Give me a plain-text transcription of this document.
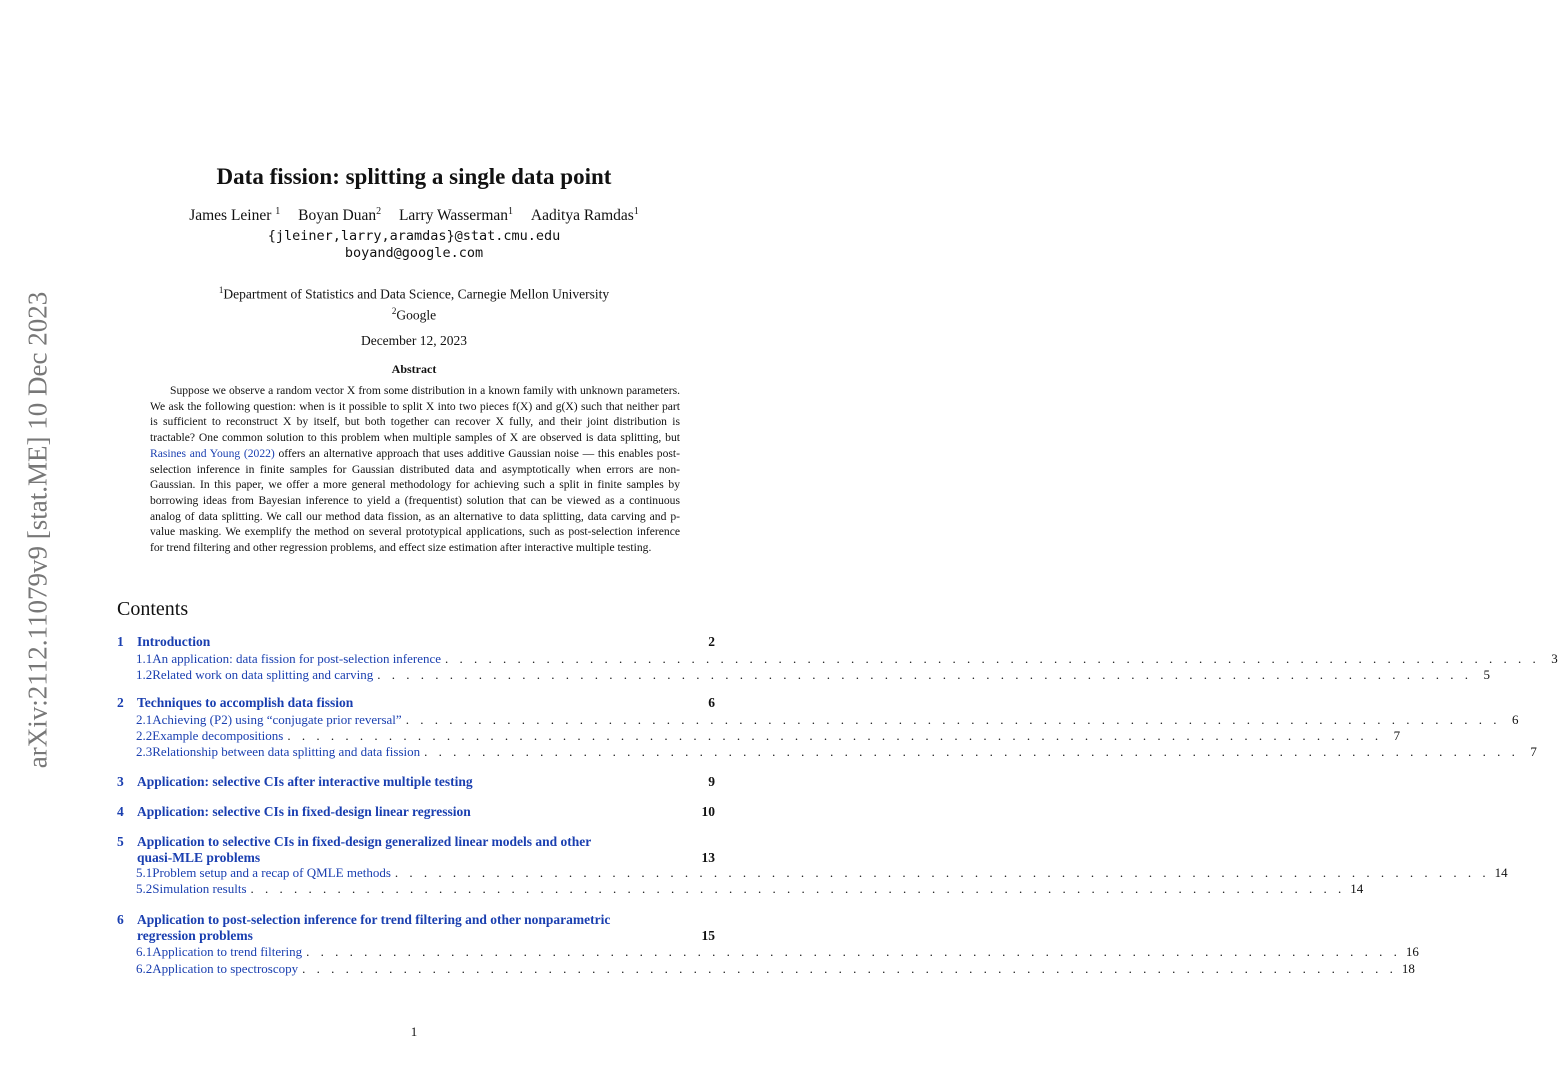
arXiv:2112.11079v9 [stat.ME] 10 Dec 2023
Data fission: splitting a single data point
James Leiner $^1$ Boyan Duan$^2$ Larry Wasserman$^1$ Aaditya Ramdas$^1$
{jleiner,larry,aramdas}@stat.cmu.edu
boyand@google.com
$^1$Department of Statistics and Data Science, Carnegie Mellon University
$^2$Google
December 12, 2023
Abstract
Suppose we observe a random vector X from some distribution in a known family with unknown parameters. We ask the following question: when is it possible to split X into two pieces f(X) and g(X) such that neither part is sufficient to reconstruct X by itself, but both together can recover X fully, and their joint distribution is tractable? One common solution to this problem when multiple samples of X are observed is data splitting, but Rasines and Young (2022) offers an alternative approach that uses additive Gaussian noise — this enables post-selection inference in finite samples for Gaussian distributed data and asymptotically when errors are non-Gaussian. In this paper, we offer a more general methodology for achieving such a split in finite samples by borrowing ideas from Bayesian inference to yield a (frequentist) solution that can be viewed as a continuous analog of data splitting. We call our method data fission, as an alternative to data splitting, data carving and p-value masking. We exemplify the method on several prototypical applications, such as post-selection inference for trend filtering and other regression problems, and effect size estimation after interactive multiple testing.
Contents
1 Introduction	2
1.1 An application: data fission for post-selection inference . . . . . . . . . . . . . . . . . . . . . . . . . . . . . . . . . . . . . . . . . . . . . . . . . . . . . . . . . . . . . . . . . . . . . . . . . . . . 3
1.2 Related work on data splitting and carving . . . . . . . . . . . . . . . . . . . . . . . . . . . . . . . . . . . . . . . . . . . . . . . . . . . . . . . . . . . . . . . . . . . . . . . . . . . . 5
2 Techniques to accomplish data fission	6
2.1 Achieving (P2) using “conjugate prior reversal” . . . . . . . . . . . . . . . . . . . . . . . . . . . . . . . . . . . . . . . . . . . . . . . . . . . . . . . . . . . . . . . . . . . . . . . . . . . . 6
2.2 Example decompositions . . . . . . . . . . . . . . . . . . . . . . . . . . . . . . . . . . . . . . . . . . . . . . . . . . . . . . . . . . . . . . . . . . . . . . . . . . . . 7
2.3 Relationship between data splitting and data fission . . . . . . . . . . . . . . . . . . . . . . . . . . . . . . . . . . . . . . . . . . . . . . . . . . . . . . . . . . . . . . . . . . . . . . . . . . . . 7
3 Application: selective CIs after interactive multiple testing	9
4 Application: selective CIs in fixed-design linear regression	10
5 Application to selective CIs in fixed-design generalized linear models and other
quasi-MLE problems	13
5.1 Problem setup and a recap of QMLE methods . . . . . . . . . . . . . . . . . . . . . . . . . . . . . . . . . . . . . . . . . . . . . . . . . . . . . . . . . . . . . . . . . . . . . . . . . . . . 14
5.2 Simulation results . . . . . . . . . . . . . . . . . . . . . . . . . . . . . . . . . . . . . . . . . . . . . . . . . . . . . . . . . . . . . . . . . . . . . . . . . . . . 14
6 Application to post-selection inference for trend filtering and other nonparametric
regression problems	15
6.1 Application to trend filtering . . . . . . . . . . . . . . . . . . . . . . . . . . . . . . . . . . . . . . . . . . . . . . . . . . . . . . . . . . . . . . . . . . . . . . . . . . . . 16
6.2 Application to spectroscopy . . . . . . . . . . . . . . . . . . . . . . . . . . . . . . . . . . . . . . . . . . . . . . . . . . . . . . . . . . . . . . . . . . . . . . . . . . . . 18
1
